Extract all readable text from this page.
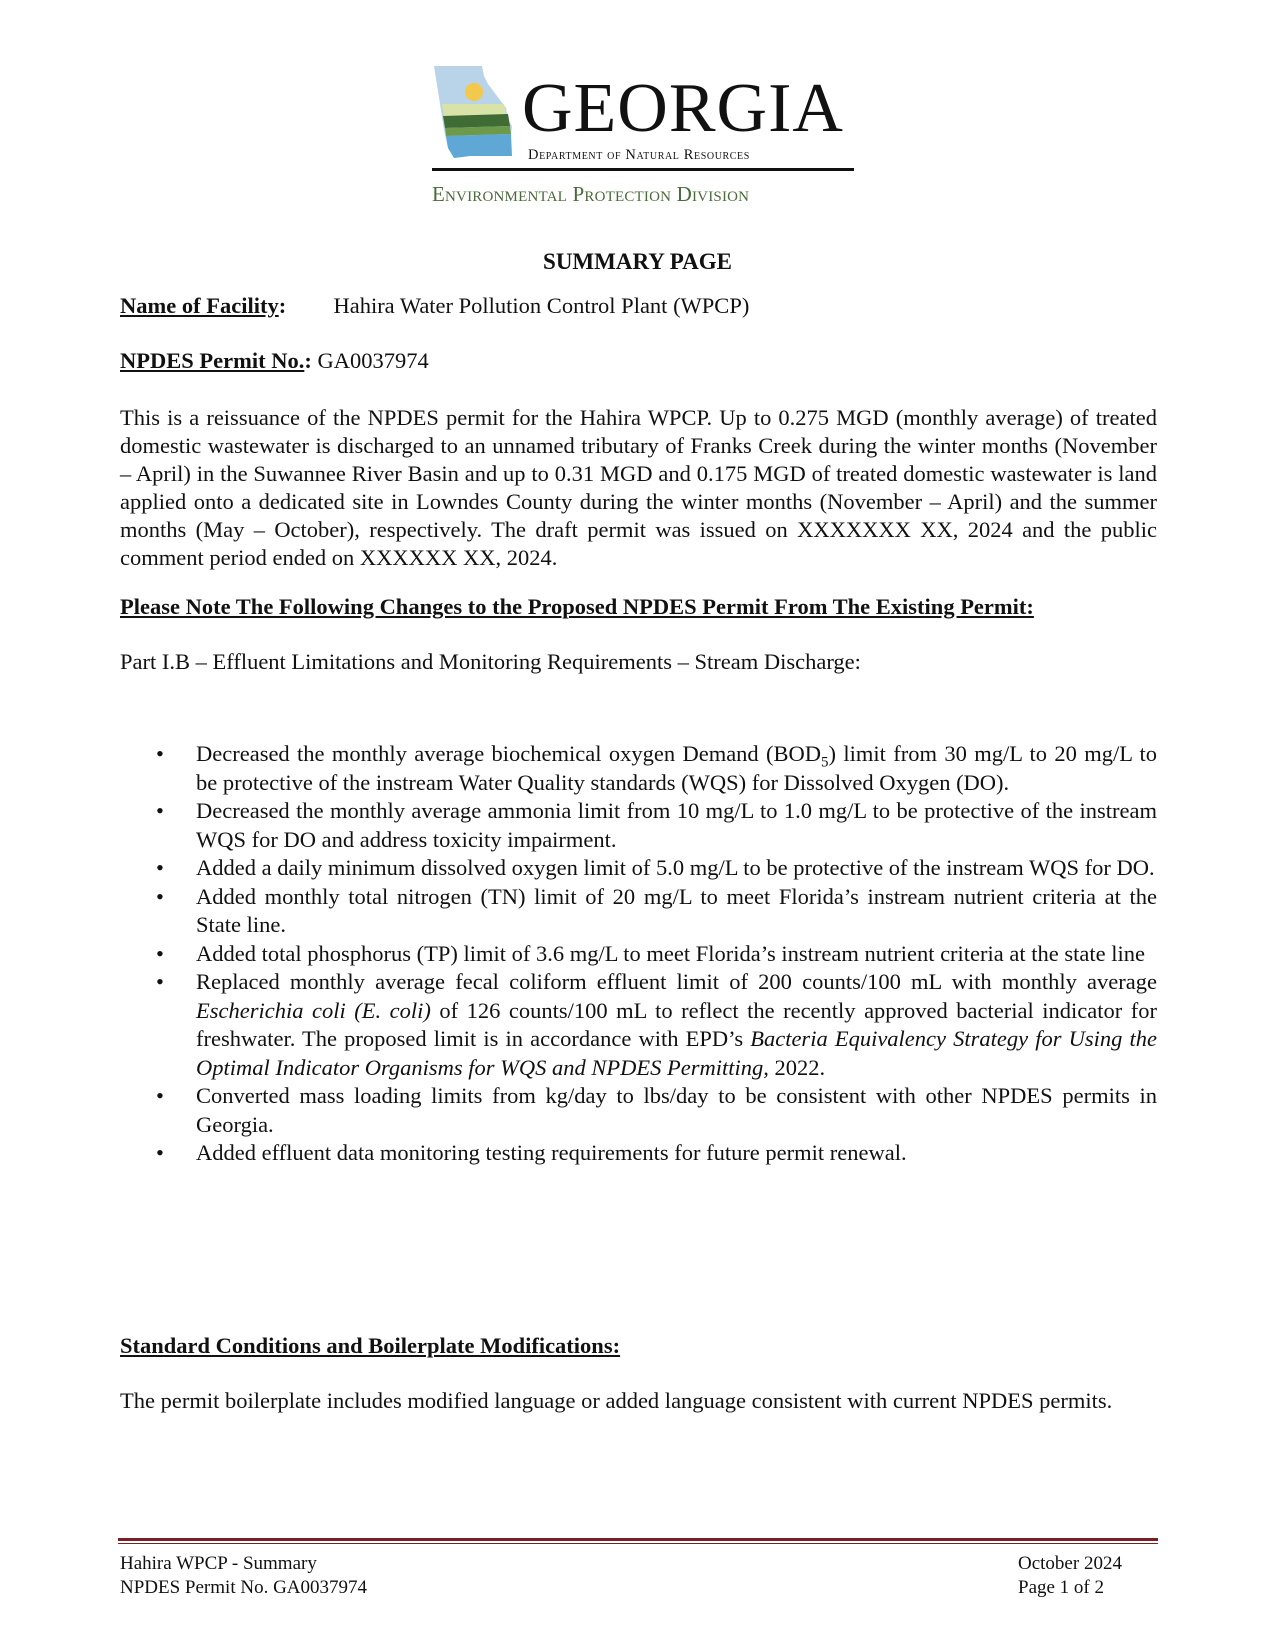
GEORGIA
Department of Natural Resources
Environmental Protection Division
SUMMARY PAGE
Name of Facility: Hahira Water Pollution Control Plant (WPCP)
NPDES Permit No.: GA0037974
This is a reissuance of the NPDES permit for the Hahira WPCP. Up to 0.275 MGD (monthly average) of treated domestic wastewater is discharged to an unnamed tributary of Franks Creek during the winter months (November – April) in the Suwannee River Basin and up to 0.31 MGD and 0.175 MGD of treated domestic wastewater is land applied onto a dedicated site in Lowndes County during the winter months (November – April) and the summer months (May – October), respectively. The draft permit was issued on XXXXXXX XX, 2024 and the public comment period ended on XXXXXX XX, 2024.
Please Note The Following Changes to the Proposed NPDES Permit From The Existing Permit:
Part I.B – Effluent Limitations and Monitoring Requirements – Stream Discharge:
• Decreased the monthly average biochemical oxygen Demand $(BOD_5)$ limit from 30 mg/L to 20 mg/L to be protective of the instream Water Quality standards (WQS) for Dissolved Oxygen (DO).
• Decreased the monthly average ammonia limit from 10 mg/L to 1.0 mg/L to be protective of the instream WQS for DO and address toxicity impairment.
• Added a daily minimum dissolved oxygen limit of 5.0 mg/L to be protective of the instream WQS for DO.
• Added monthly total nitrogen (TN) limit of 20 mg/L to meet Florida’s instream nutrient criteria at the State line.
• Added total phosphorus (TP) limit of 3.6 mg/L to meet Florida’s instream nutrient criteria at the state line
• Replaced monthly average fecal coliform effluent limit of 200 counts/100 mL with monthly average Escherichia coli (E. coli) of 126 counts/100 mL to reflect the recently approved bacterial indicator for freshwater. The proposed limit is in accordance with EPD’s Bacteria Equivalency Strategy for Using the Optimal Indicator Organisms for WQS and NPDES Permitting, 2022.
• Converted mass loading limits from kg/day to lbs/day to be consistent with other NPDES permits in Georgia.
• Added effluent data monitoring testing requirements for future permit renewal.
Standard Conditions and Boilerplate Modifications:
The permit boilerplate includes modified language or added language consistent with current NPDES permits.
Hahira WPCP - Summary
NPDES Permit No. GA0037974
October 2024
Page 1 of 2
